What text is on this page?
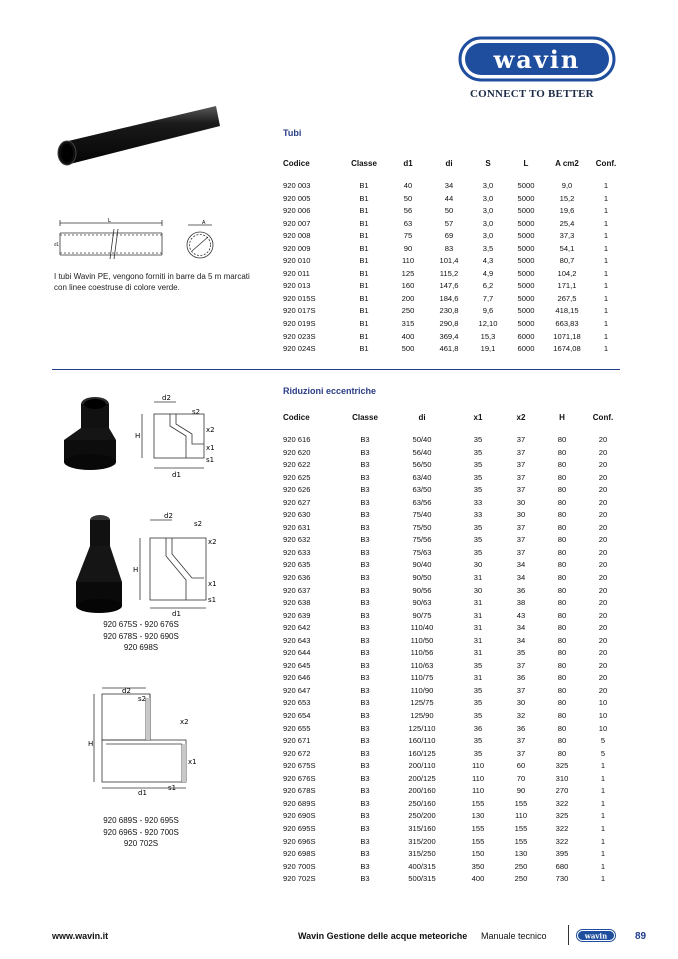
wavin
CONNECT TO BETTER
L
d1
A
I tubi Wavin PE, vengono forniti in barre da 5 m marcati con linee coestruse di colore verde.
Tubi
Codice	Classe	d1	di	S	L	A cm2	Conf.

920 003	B1	40	34	3,0	5000	9,0	1
920 005	B1	50	44	3,0	5000	15,2	1
920 006	B1	56	50	3,0	5000	19,6	1
920 007	B1	63	57	3,0	5000	25,4	1
920 008	B1	75	69	3,0	5000	37,3	1
920 009	B1	90	83	3,5	5000	54,1	1
920 010	B1	110	101,4	4,3	5000	80,7	1
920 011	B1	125	115,2	4,9	5000	104,2	1
920 013	B1	160	147,6	6,2	5000	171,1	1
920 015S	B1	200	184,6	7,7	5000	267,5	1
920 017S	B1	250	230,8	9,6	5000	418,15	1
920 019S	B1	315	290,8	12,10	5000	663,83	1
920 023S	B1	400	369,4	15,3	6000	1071,18	1
920 024S	B1	500	461,8	19,1	6000	1674,08	1
Riduzioni eccentriche
Codice	Classe	di	x1	x2	H	Conf.

920 616	B3	50/40	35	37	80	20
920 620	B3	56/40	35	37	80	20
920 622	B3	56/50	35	37	80	20
920 625	B3	63/40	35	37	80	20
920 626	B3	63/50	35	37	80	20
920 627	B3	63/56	33	30	80	20
920 630	B3	75/40	33	30	80	20
920 631	B3	75/50	35	37	80	20
920 632	B3	75/56	35	37	80	20
920 633	B3	75/63	35	37	80	20
920 635	B3	90/40	30	34	80	20
920 636	B3	90/50	31	34	80	20
920 637	B3	90/56	30	36	80	20
920 638	B3	90/63	31	38	80	20
920 639	B3	90/75	31	43	80	20
920 642	B3	110/40	31	34	80	20
920 643	B3	110/50	31	34	80	20
920 644	B3	110/56	31	35	80	20
920 645	B3	110/63	35	37	80	20
920 646	B3	110/75	31	36	80	20
920 647	B3	110/90	35	37	80	20
920 653	B3	125/75	35	30	80	10
920 654	B3	125/90	35	32	80	10
920 655	B3	125/110	36	36	80	10
920 671	B3	160/110	35	37	80	5
920 672	B3	160/125	35	37	80	5
920 675S	B3	200/110	110	60	325	1
920 676S	B3	200/125	110	70	310	1
920 678S	B3	200/160	110	90	270	1
920 689S	B3	250/160	155	155	322	1
920 690S	B3	250/200	130	110	325	1
920 695S	B3	315/160	155	155	322	1
920 696S	B3	315/200	155	155	322	1
920 698S	B3	315/250	150	130	395	1
920 700S	B3	400/315	350	250	680	1
920 702S	B3	500/315	400	250	730	1
d2
s2
x2
x1
s1
H
d1
d2
s2
x2
x1
s1
H
d1
920 675S - 920 676S
920 678S - 920 690S
920 698S
d2
s2
x2
x1
s1
H
d1
920 689S - 920 695S
920 696S - 920 700S
920 702S
www.wavin.it	Wavin Gestione delle acque meteoriche Manuale tecnico	wavin	89
